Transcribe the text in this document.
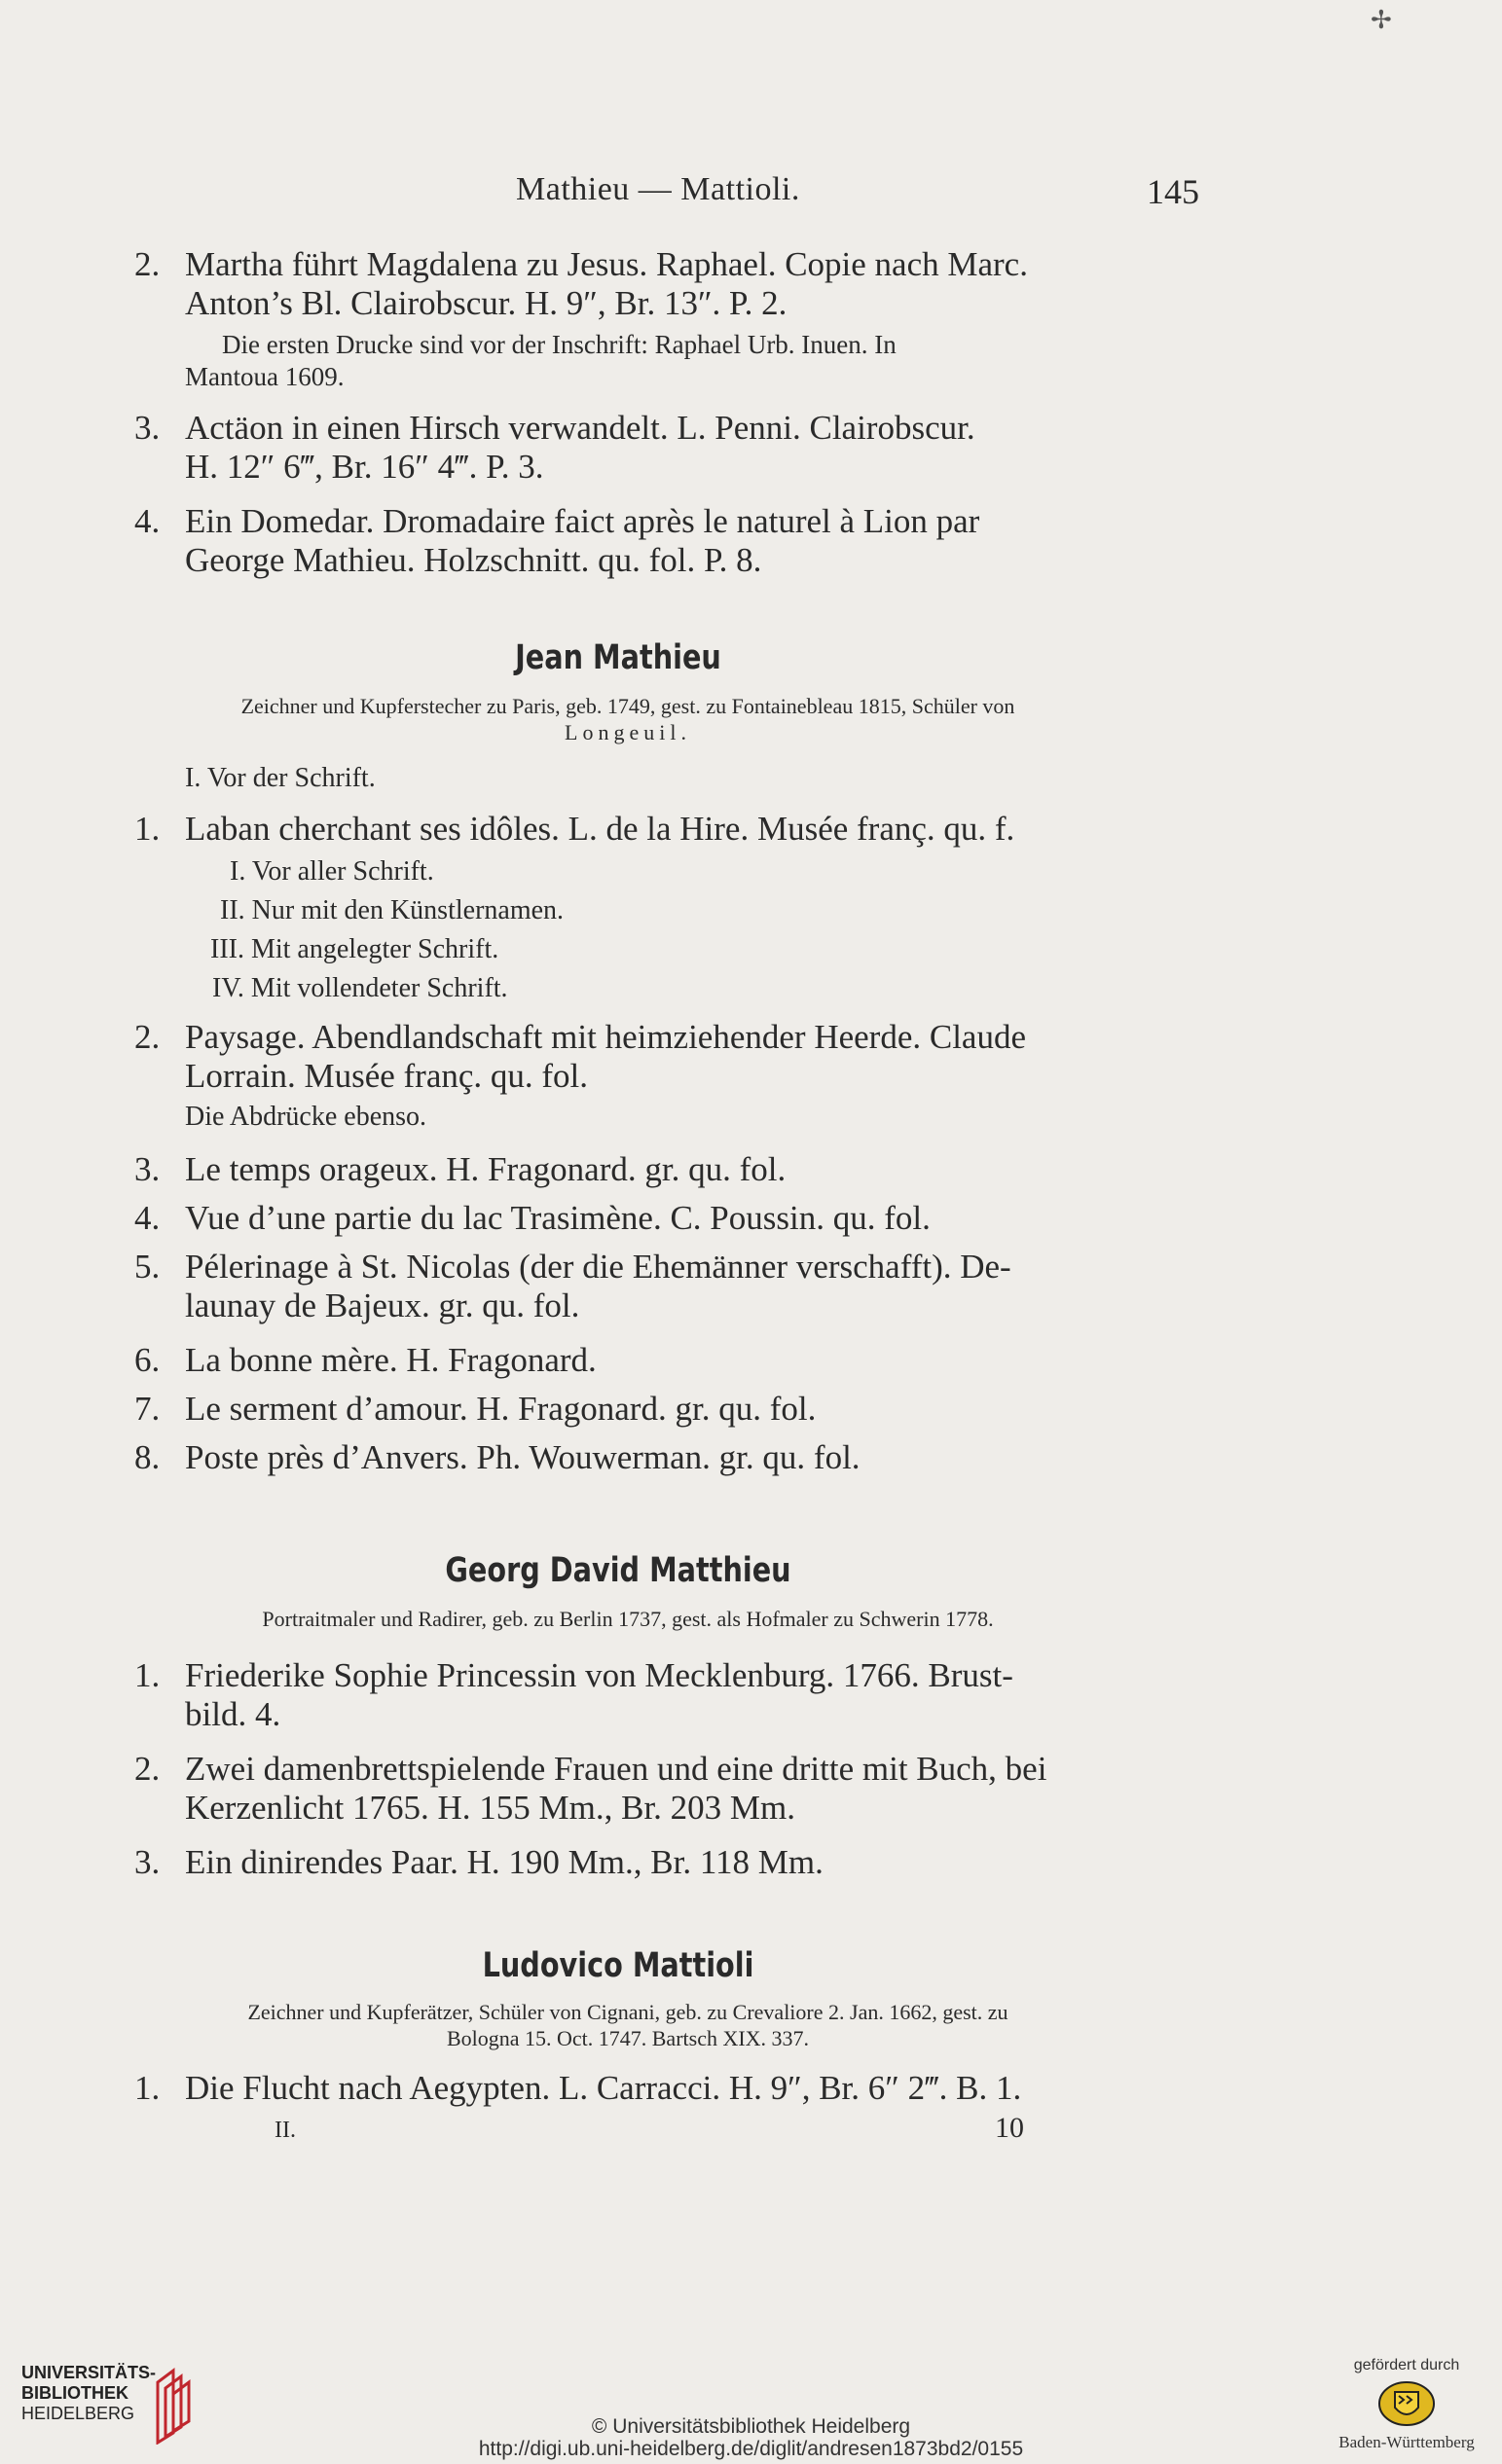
✢
Mathieu — Mattioli.	145
2. Martha führt Magdalena zu Jesus. Raphael. Copie nach Marc.
Anton’s Bl. Clairobscur. H. 9″, Br. 13″. P. 2.
Die ersten Drucke sind vor der Inschrift: Raphael Urb. Inuen. In
Mantoua 1609.
3. Actäon in einen Hirsch verwandelt. L. Penni. Clairobscur.
H. 12″ 6‴, Br. 16″ 4‴. P. 3.
4. Ein Domedar. Dromadaire faict après le naturel à Lion par
George Mathieu. Holzschnitt. qu. fol. P. 8.
Jean Mathieu
Zeichner und Kupferstecher zu Paris, geb. 1749, gest. zu Fontainebleau 1815, Schüler von
Longeuil.
I. Vor der Schrift.
1. Laban cherchant ses idôles. L. de la Hire. Musée franç. qu. f.
I. Vor aller Schrift.
II. Nur mit den Künstlernamen.
III. Mit angelegter Schrift.
IV. Mit vollendeter Schrift.
2. Paysage. Abendlandschaft mit heimziehender Heerde. Claude
Lorrain. Musée franç. qu. fol.
Die Abdrücke ebenso.
3. Le temps orageux. H. Fragonard. gr. qu. fol.
4. Vue d’une partie du lac Trasimène. C. Poussin. qu. fol.
5. Pélerinage à St. Nicolas (der die Ehemänner verschafft). De-
launay de Bajeux. gr. qu. fol.
6. La bonne mère. H. Fragonard.
7. Le serment d’amour. H. Fragonard. gr. qu. fol.
8. Poste près d’Anvers. Ph. Wouwerman. gr. qu. fol.
Georg David Matthieu
Portraitmaler und Radirer, geb. zu Berlin 1737, gest. als Hofmaler zu Schwerin 1778.
1. Friederike Sophie Princessin von Mecklenburg. 1766. Brust-
bild. 4.
2. Zwei damenbrettspielende Frauen und eine dritte mit Buch, bei
Kerzenlicht 1765. H. 155 Mm., Br. 203 Mm.
3. Ein dinirendes Paar. H. 190 Mm., Br. 118 Mm.
Ludovico Mattioli
Zeichner und Kupferätzer, Schüler von Cignani, geb. zu Crevaliore 2. Jan. 1662, gest. zu
Bologna 15. Oct. 1747. Bartsch XIX. 337.
1. Die Flucht nach Aegypten. L. Carracci. H. 9″, Br. 6″ 2‴. B. 1.
II.	10
UNIVERSITÄTS-
BIBLIOTHEK
HEIDELBERG
© Universitätsbibliothek Heidelberg
http://digi.ub.uni-heidelberg.de/diglit/andresen1873bd2/0155
gefördert durch
Baden-Württemberg
